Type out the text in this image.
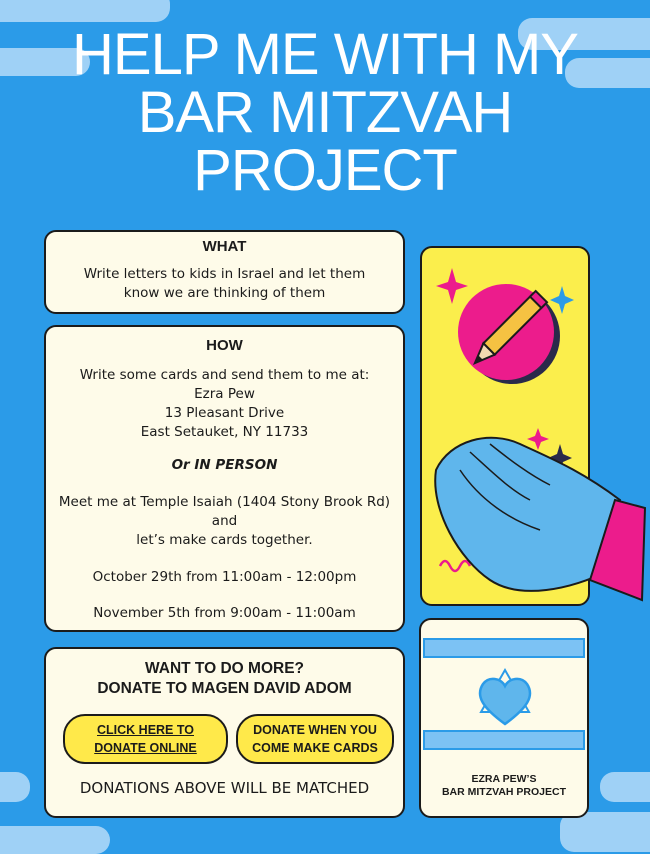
HELP ME WITH MY
BAR MITZVAH
PROJECT
WHAT

Write letters to kids in Israel and let them

know we are thinking of them

HOW

Write some cards and send them to me at:

Ezra Pew

13 Pleasant Drive

East Setauket, NY 11733

Or IN PERSON

Meet me at Temple Isaiah (1404 Stony Brook Rd) and

let’s make cards together.

October 29th from 11:00am - 12:00pm

November 5th from 9:00am - 11:00am

WANT TO DO MORE?
DONATE TO MAGEN DAVID ADOM
CLICK HERE TO
DONATE ONLINE
DONATE WHEN YOU
COME MAKE CARDS
DONATIONS ABOVE WILL BE MATCHED	EZRA PEW’S
BAR MITZVAH PROJECT
